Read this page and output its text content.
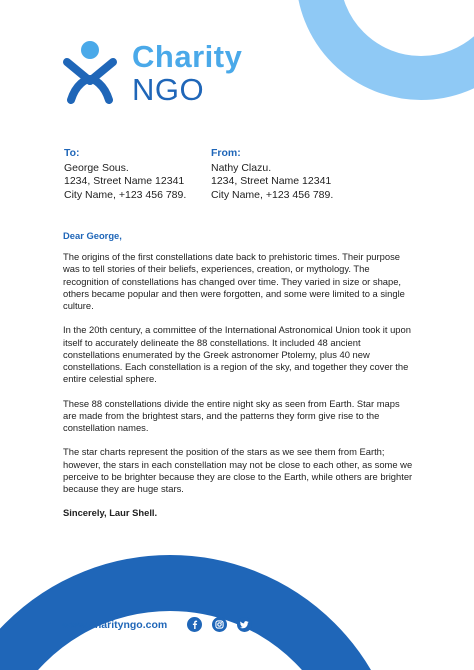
Charity
NGO
To:
George Sous.
1234, Street Name 12341
City Name, +123 456 789.
From:
Nathy Clazu.
1234, Street Name 12341
City Name, +123 456 789.
Dear George,
The origins of the first constellations date back to prehistoric times. Their purpose was to tell stories of their beliefs, experiences, creation, or mythology. The recognition of constellations has changed over time. They varied in size or shape, others became popular and then were forgotten, and some were limited to a single culture.
In the 20th century, a committee of the International Astronomical Union took it upon itself to accurately delineate the 88 constellations. It included 48 ancient constellations enumerated by the Greek astronomer Ptolemy, plus 40 new constellations. Each constellation is a region of the sky, and together they cover the entire celestial sphere.
These 88 constellations divide the entire night sky as seen from Earth. Star maps are made from the brightest stars, and the patterns they form give rise to the constellation names.
The star charts represent the position of the stars as we see them from Earth; however, the stars in each constellation may not be close to each other, as some we perceive to be brighter because they are close to the Earth, while others are brighter because they are huge stars.
Sincerely, Laur Shell.
www.charityngo.com
